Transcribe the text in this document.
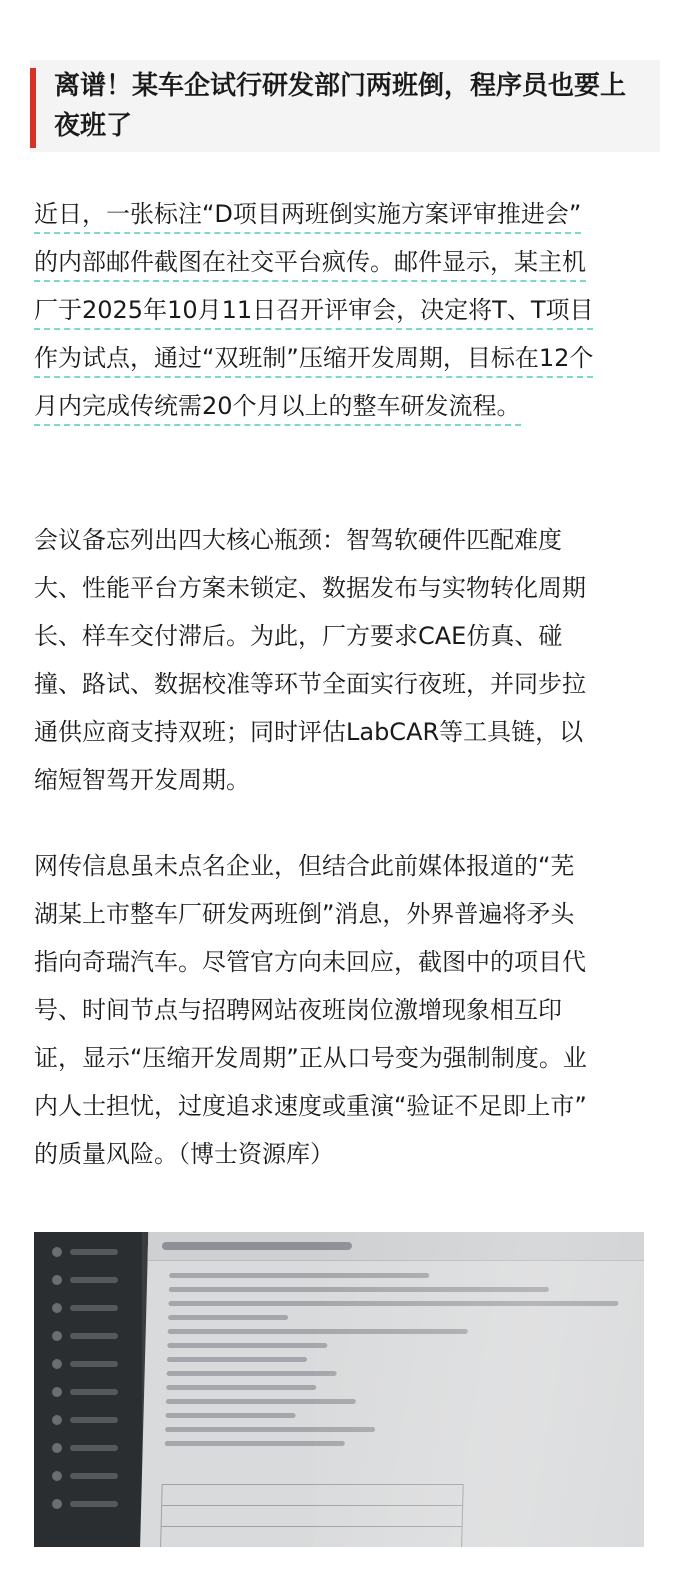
离谱！某车企试行研发部门两班倒，程序员也要上夜班了
近日，一张标注“D项目两班倒实施方案评审推进会”
的内部邮件截图在社交平台疯传。邮件显示，某主机
厂于2025年10月11日召开评审会，决定将T、T项目
作为试点，通过“双班制”压缩开发周期，目标在12个
月内完成传统需20个月以上的整车研发流程。
会议备忘列出四大核心瓶颈：智驾软硬件匹配难度
大、性能平台方案未锁定、数据发布与实物转化周期
长、样车交付滞后。为此，厂方要求CAE仿真、碰
撞、路试、数据校准等环节全面实行夜班，并同步拉
通供应商支持双班；同时评估LabCAR等工具链，以
缩短智驾开发周期。
网传信息虽未点名企业，但结合此前媒体报道的“芜
湖某上市整车厂研发两班倒”消息，外界普遍将矛头
指向奇瑞汽车。尽管官方向未回应，截图中的项目代
号、时间节点与招聘网站夜班岗位激增现象相互印
证，显示“压缩开发周期”正从口号变为强制制度。业
内人士担忧，过度追求速度或重演“验证不足即上市”
的质量风险。（博士资源库）
